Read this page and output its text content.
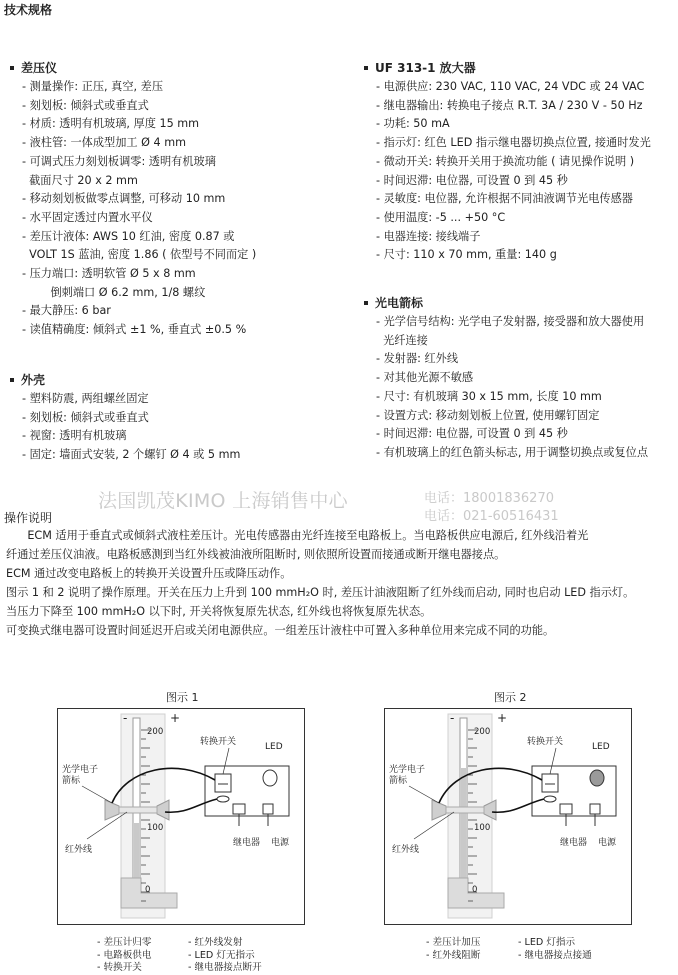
技术规格
差压仪
- 测量操作: 正压, 真空, 差压
- 刻划板: 倾斜式或垂直式
- 材质: 透明有机玻璃, 厚度 15 mm
- 液柱管: 一体成型加工 Ø 4 mm
- 可调式压力刻划板调零: 透明有机玻璃
截面尺寸 20 x 2 mm
- 移动刻划板做零点调整, 可移动 10 mm
- 水平固定透过内置水平仪
- 差压计液体: AWS 10 红油, 密度 0.87 或
VOLT 1S 蓝油, 密度 1.86 ( 依型号不同而定 )
- 压力端口: 透明软管 Ø 5 x 8 mm
倒刺端口 Ø 6.2 mm, 1/8 螺纹
- 最大静压: 6 bar
- 读值精确度: 倾斜式 ±1 %, 垂直式 ±0.5 %
外壳
- 塑料防震, 两组螺丝固定
- 刻划板: 倾斜式或垂直式
- 视窗: 透明有机玻璃
- 固定: 墙面式安装, 2 个螺钉 Ø 4 或 5 mm
UF 313-1 放大器
- 电源供应: 230 VAC, 110 VAC, 24 VDC 或 24 VAC
- 继电器输出: 转换电子接点 R.T. 3A / 230 V - 50 Hz
- 功耗: 50 mA
- 指示灯: 红色 LED 指示继电器切换点位置, 接通时发光
- 微动开关: 转换开关用于换流功能 ( 请见操作说明 )
- 时间迟滞: 电位器, 可设置 0 到 45 秒
- 灵敏度: 电位器, 允许根据不同油液调节光电传感器
- 使用温度: -5 ... +50 °C
- 电器连接: 接线端子
- 尺寸: 110 x 70 mm, 重量: 140 g
光电箭标
- 光学信号结构: 光学电子发射器, 接受器和放大器使用
光纤连接
- 发射器: 红外线
- 对其他光源不敏感
- 尺寸: 有机玻璃 30 x 15 mm, 长度 10 mm
- 设置方式: 移动刻划板上位置, 使用螺钉固定
- 时间迟滞: 电位器, 可设置 0 到 45 秒
- 有机玻璃上的红色箭头标志, 用于调整切换点或复位点
法国凯茂KIMO 上海销售中心	电话：18001836270
电话：021-60516431
操作说明
ECM 适用于垂直式或倾斜式液柱差压计。光电传感器由光纤连接至电路板上。当电路板供应电源后, 红外线沿着光
纤通过差压仪油液。电路板感测到当红外线被油液所阻断时, 则依照所设置而接通或断开继电器接点。
ECM 通过改变电路板上的转换开关设置升压或降压动作。
图示 1 和 2 说明了操作原理。开关在压力上升到 100 mmH₂O 时, 差压计油液阻断了红外线而启动, 同时也启动 LED 指示灯。
当压力下降至 100 mmH₂O 以下时, 开关将恢复原先状态, 红外线也将恢复原先状态。
可变换式继电器可设置时间延迟开启或关闭电源供应。一组差压计液柱中可置入多种单位用来完成不同的功能。
图示 1
-	+
200
100
0
转换开关	LED
光学电子
箭标
红外线
继电器 电源
- 差压计归零
- 电路板供电
- 转换开关
- 红外线发射
- LED 灯无指示
- 继电器接点断开
图示 2
-	+
200
100
0
转换开关	LED
光学电子
箭标
红外线
继电器 电源
- 差压计加压
- 红外线阻断
- LED 灯指示
- 继电器接点接通
